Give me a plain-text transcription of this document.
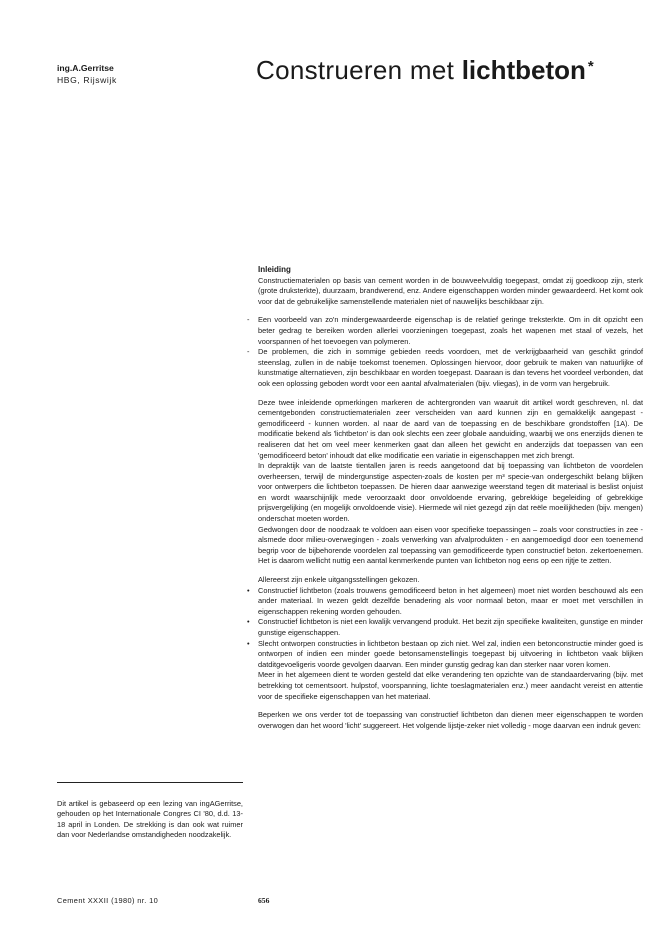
ing.A.Gerritse
HBG, Rijswijk	Construeren met lichtbeton *

Inleiding

Constructiematerialen op basis van cement worden in de bouwveelvuldig toegepast, omdat zij goedkoop zijn, sterk (grote druksterkte), duurzaam, brandwerend, enz. Andere eigenschappen worden minder gewaardeerd. Het komt ook voor dat de gebruikelijke samenstellende materialen niet of nauwelijks beschikbaar zijn.

- Een voorbeeld van zo'n mindergewaardeerde eigenschap is de relatief geringe treksterkte. Om in dit opzicht een beter gedrag te bereiken worden allerlei voorzieningen toegepast, zoals het wapenen met staal of vezels, het voorspannen of het toevoegen van polymeren.

- De problemen, die zich in sommige gebieden reeds voordoen, met de verkrijgbaarheid van geschikt grindof steenslag, zullen in de nabije toekomst toenemen. Oplossingen hiervoor, door gebruik te maken van natuurlijke of kunstmatige alternatieven, zijn beschikbaar en worden toegepast. Daaraan is dan tevens het voordeel verbonden, dat ook een oplossing geboden wordt voor een aantal afvalmaterialen (bijv. vliegas), in de vorm van hergebruik.

Deze twee inleidende opmerkingen markeren de achtergronden van waaruit dit artikel wordt geschreven, nl. dat cementgebonden constructiematerialen zeer verscheiden van aard kunnen zijn en gemakkelijk aangepast - gemodificeerd - kunnen worden. al naar de aard van de toepassing en de beschikbare grondstoffen [1A). De modificatie bekend als 'lichtbeton' is dan ook slechts een zeer globale aanduiding, waarbij we ons enerzijds dienen te realiseren dat het om veel meer kenmerken gaat dan alleen het gewicht en anderzijds dat toepassen van een 'gemodificeerd beton' inhoudt dat elke modificatie een variatie in eigenschappen met zich brengt.

In depraktijk van de laatste tientallen jaren is reeds aangetoond dat bij toepassing van lichtbeton de voordelen overheersen, terwijl de mindergunstige aspecten-zoals de kosten per m³ specie-van ondergeschikt belang blijken voor ontwerpers die lichtbeton toepassen. De hieren daar aanwezige weerstand tegen dit materiaal is beslist onjuist en wordt waarschijnlijk mede veroorzaakt door onvoldoende ervaring, gebrekkige begeleiding of gebrekkige prijsvergelijking (en mogelijk onvoldoende visie). Hiermede wil niet gezegd zijn dat reële moeilijkheden (bijv. mengen) onderschat moeten worden.

Gedwongen door de noodzaak te voldoen aan eisen voor specifieke toepassingen – zoals voor constructies in zee - alsmede door milieu-overwegingen - zoals verwerking van afvalprodukten - en aangemoedigd door een toenemend begrip voor de bijbehorende voordelen zal toepassing van gemodificeerde typen constructief beton. zekertoenemen. Het is daarom wellicht nuttig een aantal kenmerkende punten van lichtbeton nog eens op een rijtje te zetten.

Allereerst zijn enkele uitgangsstellingen gekozen.

• Constructief lichtbeton (zoals trouwens gemodificeerd beton in het algemeen) moet niet worden beschouwd als een ander materiaal. In wezen geldt dezelfde benadering als voor normaal beton, maar er moet met verschillen in eigenschappen rekening worden gehouden.

• Constructief lichtbeton is niet een kwalijk vervangend produkt. Het bezit zijn specifieke kwaliteiten, gunstige en minder gunstige eigenschappen.

• Slecht ontworpen constructies in lichtbeton bestaan op zich niet. Wel zal, indien een betonconstructie minder goed is ontworpen of indien een minder goede betonsamenstellingis toegepast bij uitvoering in lichtbeton vaak blijken datditgevoeligeris voorde gevolgen daarvan. Een minder gunstig gedrag kan dan sterker naar voren komen.

Meer in het algemeen dient te worden gesteld dat elke verandering ten opzichte van de standaardervaring (bijv. met betrekking tot cementsoort. hulpstof, voorspanning, lichte toeslagmaterialen enz.) meer aandacht vereist en attentie voor de specifieke eigenschappen van het materiaal.

Beperken we ons verder tot de toepassing van constructief lichtbeton dan dienen meer eigenschappen te worden overwogen dan het woord 'licht' suggereert. Het volgende lijstje-zeker niet volledig - moge daarvan een indruk geven:

Dit artikel is gebaseerd op een lezing van ingAGerritse, gehouden op het Internationale Congres CI '80, d.d. 13-18 april in Londen. De strekking is dan ook wat ruimer dan voor Nederlandse omstandigheden noodzakelijk.
Cement XXXII (1980) nr. 10	656
